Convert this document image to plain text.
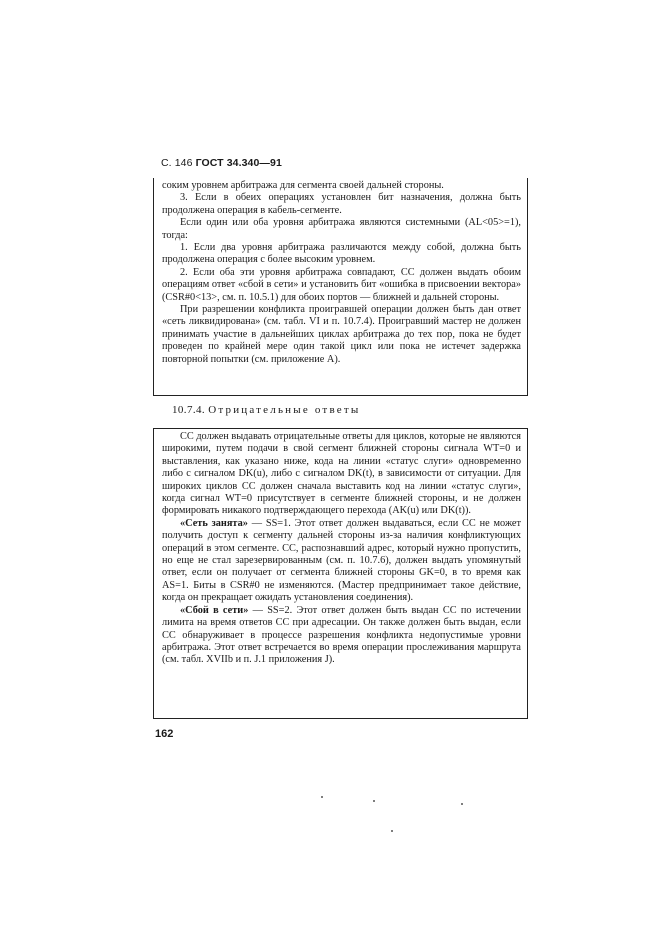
С. 146 ГОСТ 34.340—91

соким уровнем арбитража для сегмента своей дальней стороны.

3. Если в обеих операциях установлен бит назначения, должна быть продолжена операция в кабель-сегменте.

Если один или оба уровня арбитража являются системными (AL<05>=1), тогда:

1. Если два уровня арбитража различаются между собой, должна быть продолжена операция с более высоким уровнем.

2. Если оба эти уровня арбитража совпадают, СС должен выдать обоим операциям ответ «сбой в сети» и установить бит «ошибка в присвоении вектора» (CSR#0<13>, см. п. 10.5.1) для обоих портов — ближней и дальней стороны.

При разрешении конфликта проигравшей операции должен быть дан ответ «сеть ликвидирована» (см. табл. VI и п. 10.7.4). Проигравший мастер не должен принимать участие в дальнейших циклах арбитража до тех пор, пока не будет проведен по крайней мере один такой цикл или пока не истечет задержка повторной попытки (см. приложение А).

10.7.4. Отрицательные ответы

СС должен выдавать отрицательные ответы для циклов, которые не являются широкими, путем подачи в свой сегмент ближней стороны сигнала WT=0 и выставления, как указано ниже, кода на линии «статус слуги» одновременно либо с сигналом DK(u), либо с сигналом DK(t), в зависимости от ситуации. Для широких циклов СС должен сначала выставить код на линии «статус слуги», когда сигнал WT=0 присутствует в сегменте ближней стороны, и не должен формировать никакого подтверждающего перехода (AK(u) или DK(t)).

«Сеть занята» — SS=1. Этот ответ должен выдаваться, если СС не может получить доступ к сегменту дальней стороны из-за наличия конфликтующих операций в этом сегменте. СС, распознавший адрес, который нужно пропустить, но еще не стал зарезервированным (см. п. 10.7.6), должен выдать упомянутый ответ, если он получает от сегмента ближней стороны GK=0, в то время как AS=1. Биты в CSR#0 не изменяются. (Мастер предпринимает такое действие, когда он прекращает ожидать установления соединения).

«Сбой в сети» — SS=2. Этот ответ должен быть выдан СС по истечении лимита на время ответов СС при адресации. Он также должен быть выдан, если СС обнаруживает в процессе разрешения конфликта недопустимые уровни арбитража. Этот ответ встречается во время операции прослеживания маршрута (см. табл. XVIIb и п. J.1 приложения J).

162
